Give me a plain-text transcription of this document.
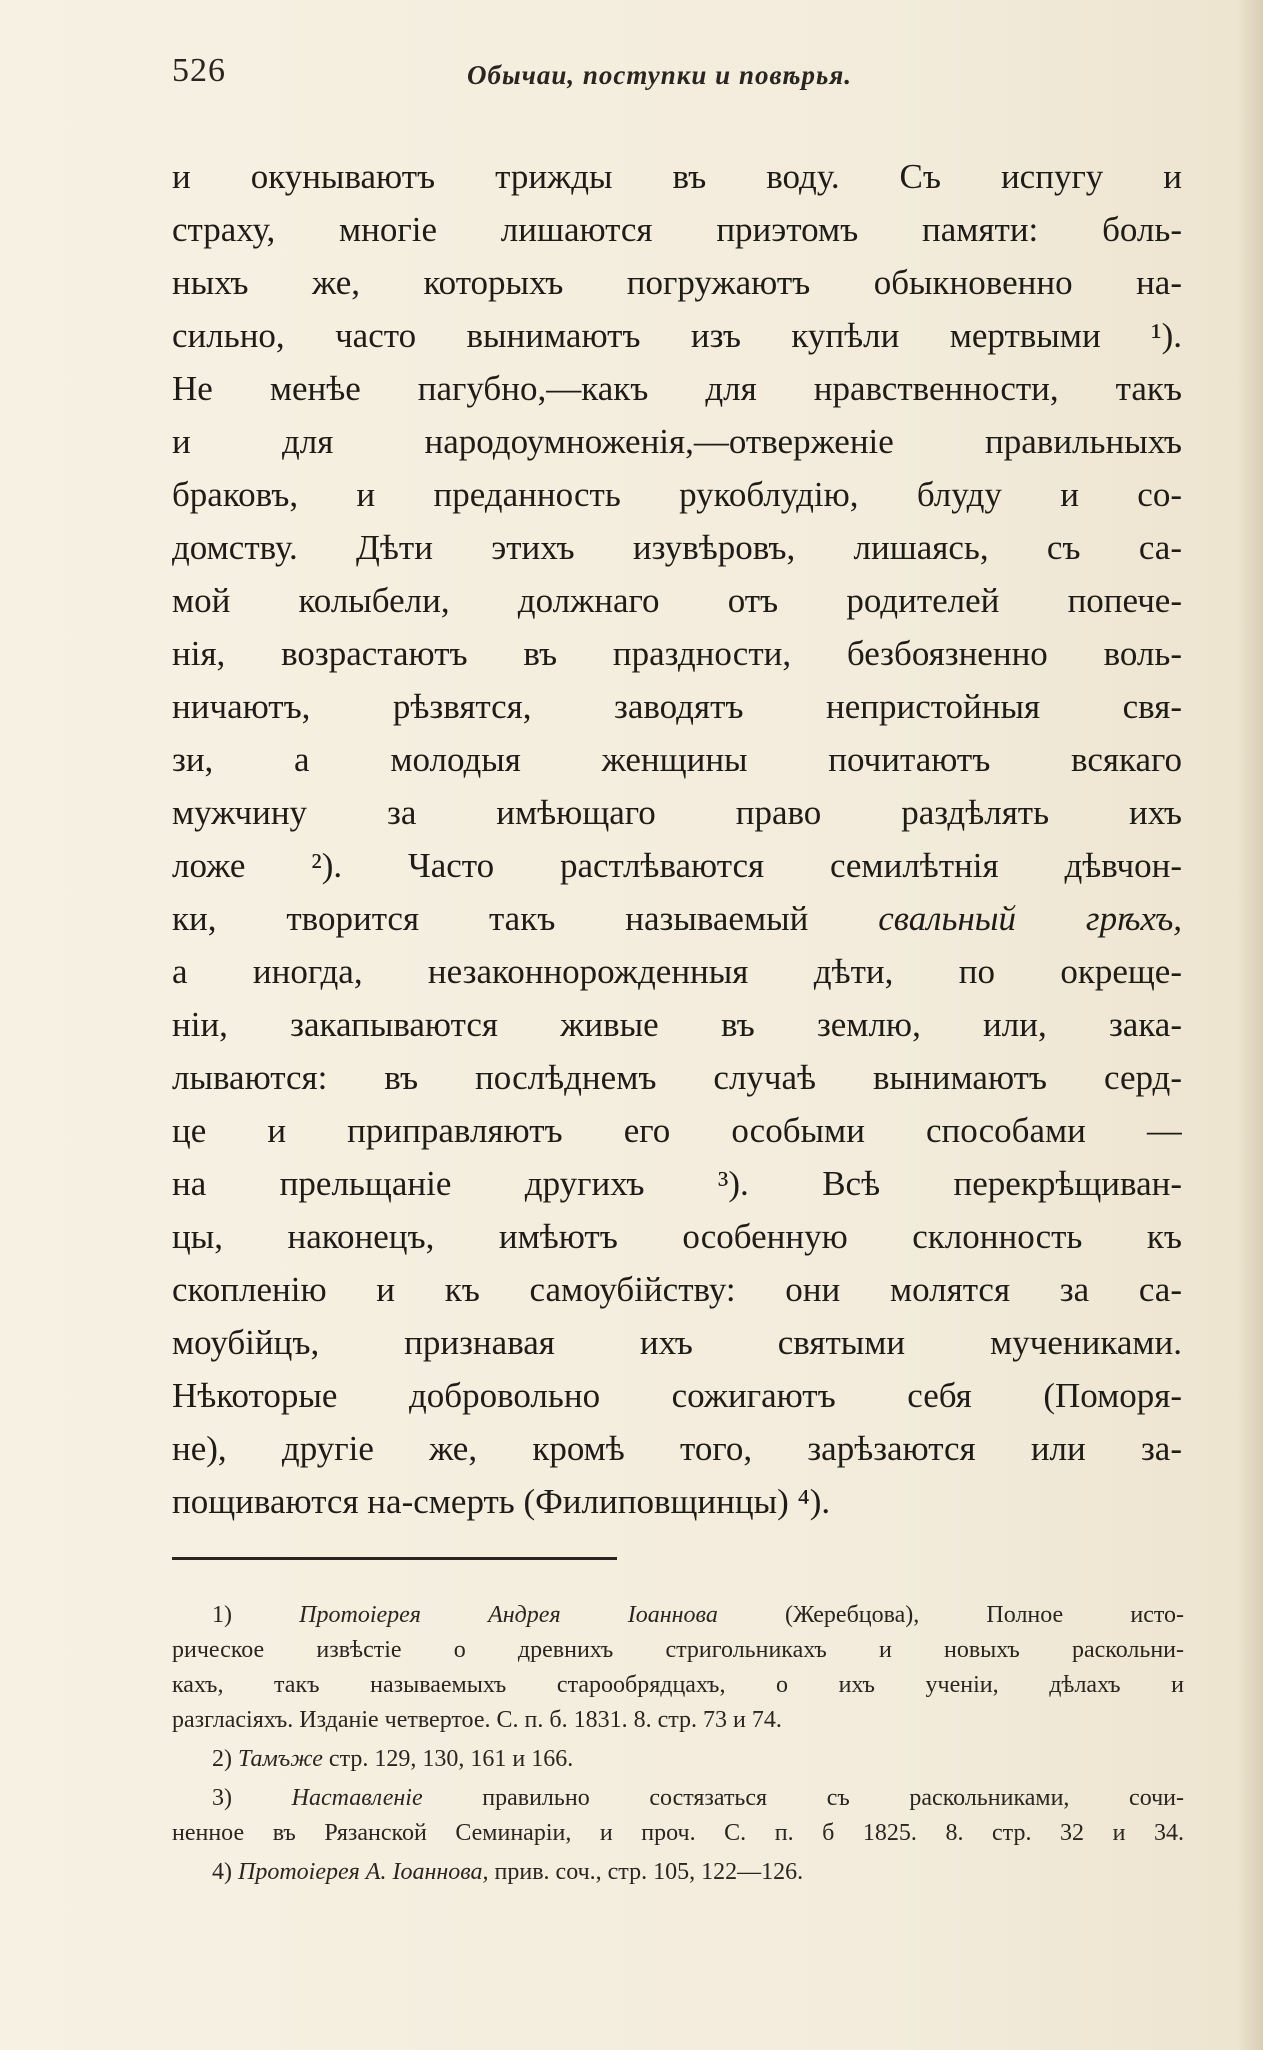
526	Обычаи, поступки и повѣрья.
и окунываютъ трижды въ воду. Съ испугу и
страху, многіе лишаются приэтомъ памяти: боль-
ныхъ же, которыхъ погружаютъ обыкновенно на-
сильно, часто вынимаютъ изъ купѣли мертвыми ¹).
Не менѣе пагубно,—какъ для нравственности, такъ
и для народоумноженія,—отверженіе правильныхъ
браковъ, и преданность рукоблудію, блуду и со-
домству. Дѣти этихъ изувѣровъ, лишаясь, съ са-
мой колыбели, должнаго отъ родителей попече-
нія, возрастаютъ въ праздности, безбоязненно воль-
ничаютъ, рѣзвятся, заводятъ непристойныя свя-
зи, а молодыя женщины почитаютъ всякаго
мужчину за имѣющаго право раздѣлять ихъ
ложе ²). Часто растлѣваются семилѣтнія дѣвчон-
ки, творится такъ называемый свальный грѣхъ,
а иногда, незаконнорожденныя дѣти, по окреще-
ніи, закапываются живые въ землю, или, зака-
лываются: въ послѣднемъ случаѣ вынимаютъ серд-
це и приправляютъ его особыми способами —
на прельщаніе другихъ ³). Всѣ перекрѣщиван-
цы, наконецъ, имѣютъ особенную склонность къ
скопленію и къ самоубійству: они молятся за са-
моубійцъ, признавая ихъ святыми мучениками.
Нѣкоторые добровольно сожигаютъ себя (Поморя-
не), другіе же, кромѣ того, зарѣзаются или за-
пощиваются на-смерть (Филиповщинцы) ⁴).
1)	Протоіерея Андрея Іоаннова	(Жеребцова), Полное исто-
рическое извѣстіе о древнихъ стригольникахъ и новыхъ раскольни-
кахъ, такъ называемыхъ старообрядцахъ, о ихъ ученіи, дѣлахъ и
разгласіяхъ. Изданіе четвертое. С. п. б. 1831. 8. стр. 73 и 74.
2) Тамъже стр. 129, 130, 161 и 166.
3) Наставленіе правильно состязаться съ раскольниками, сочи-
ненное въ Рязанской Семинаріи, и проч. С. п. б 1825. 8. стр. 32 и 34.
4) Протоіерея А. Іоаннова, прив. соч., стр. 105, 122—126.
